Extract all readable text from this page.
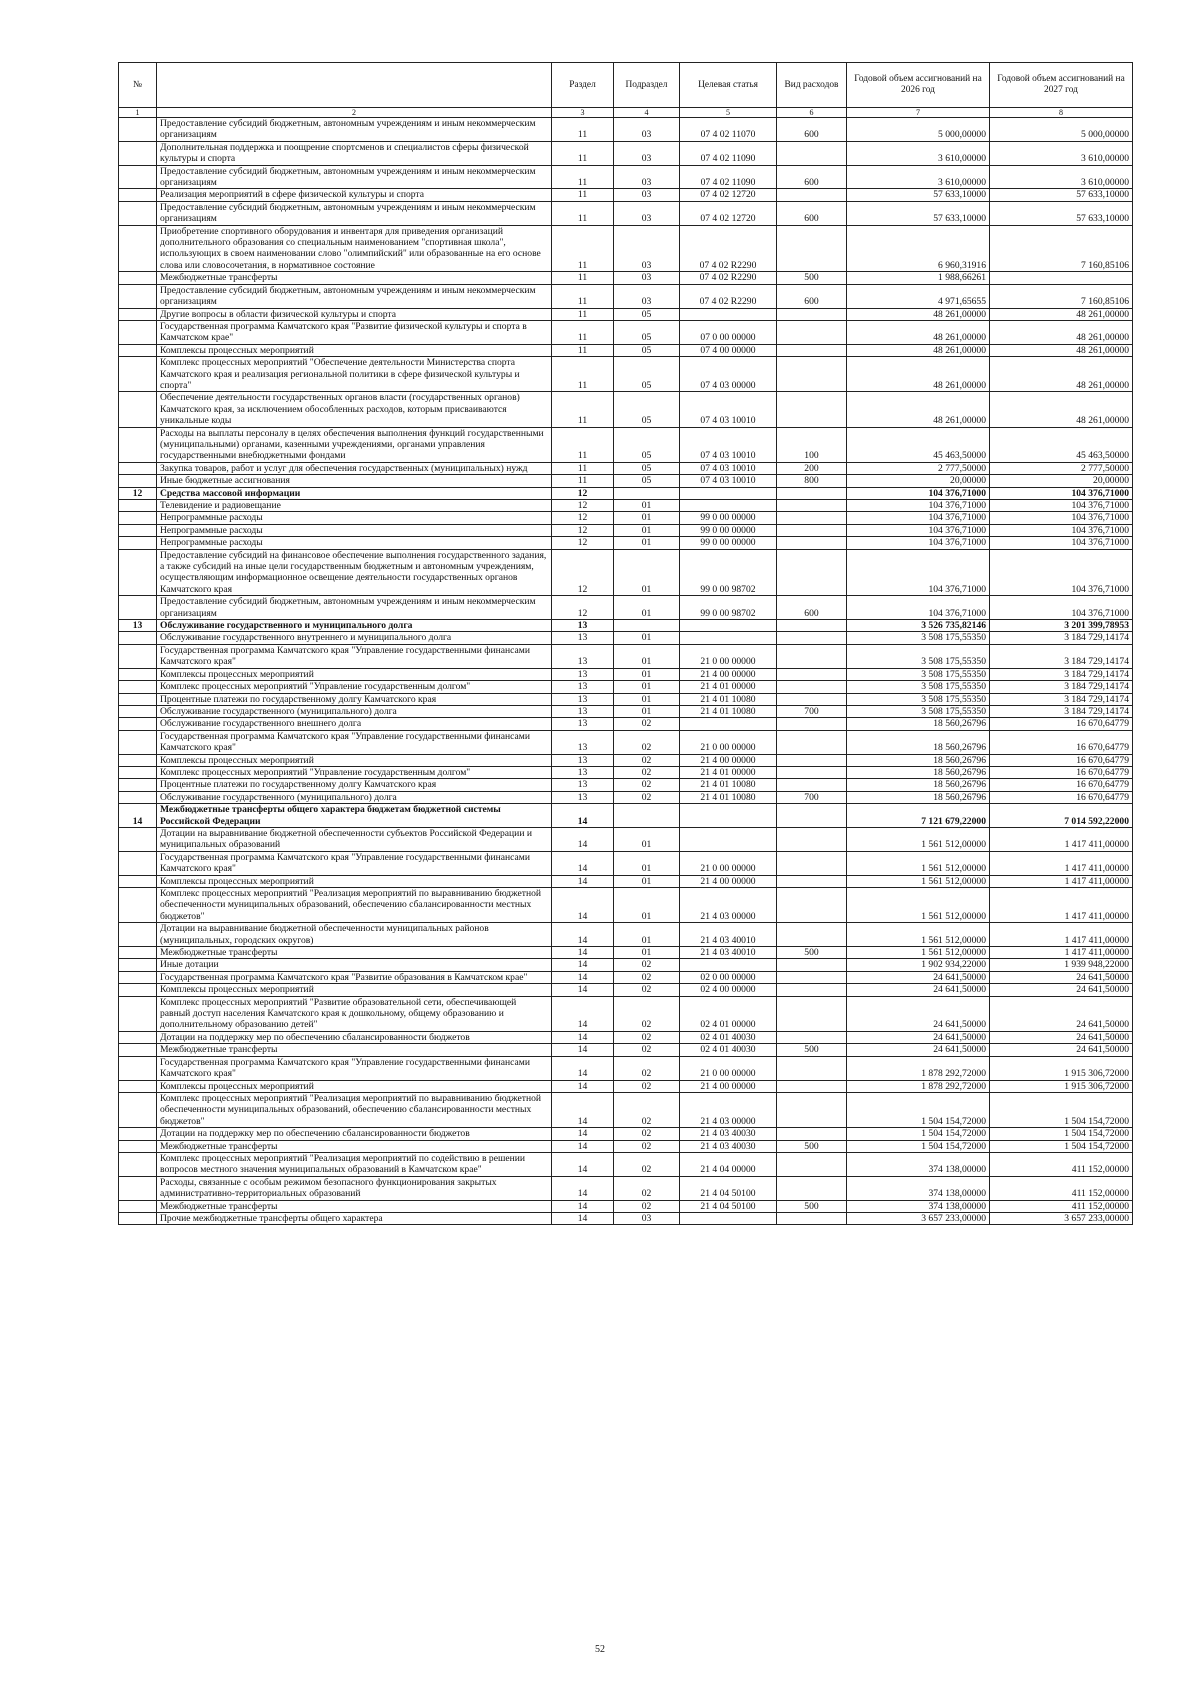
№		Раздел	Подраздел	Целевая статья	Вид расходов	Годовой объем ассигнований на 2026 год	Годовой объем ассигнований на 2027 год
1	2	3	4	5	6	7	8
	Предоставление субсидий бюджетным, автономным учреждениям и иным некоммерческим организациям	11	03	07 4 02 11070	600	5 000,00000	5 000,00000
	Дополнительная поддержка и поощрение спортсменов и специалистов сферы физической культуры и спорта	11	03	07 4 02 11090		3 610,00000	3 610,00000
	Предоставление субсидий бюджетным, автономным учреждениям и иным некоммерческим организациям	11	03	07 4 02 11090	600	3 610,00000	3 610,00000
	Реализация мероприятий в сфере физической культуры и спорта	11	03	07 4 02 12720		57 633,10000	57 633,10000
	Предоставление субсидий бюджетным, автономным учреждениям и иным некоммерческим организациям	11	03	07 4 02 12720	600	57 633,10000	57 633,10000
	Приобретение спортивного оборудования и инвентаря для приведения организаций дополнительного образования со специальным наименованием "спортивная школа", использующих в своем наименовании слово "олимпийский" или образованные на его основе слова или словосочетания, в нормативное состояние	11	03	07 4 02 R2290		6 960,31916	7 160,85106
	Межбюджетные трансферты	11	03	07 4 02 R2290	500	1 988,66261	
	Предоставление субсидий бюджетным, автономным учреждениям и иным некоммерческим организациям	11	03	07 4 02 R2290	600	4 971,65655	7 160,85106
	Другие вопросы в области физической культуры и спорта	11	05			48 261,00000	48 261,00000
	Государственная программа Камчатского края "Развитие физической культуры и спорта в Камчатском крае"	11	05	07 0 00 00000		48 261,00000	48 261,00000
	Комплексы процессных мероприятий	11	05	07 4 00 00000		48 261,00000	48 261,00000
	Комплекс процессных мероприятий "Обеспечение деятельности Министерства спорта Камчатского края и реализация региональной политики в сфере физической культуры и спорта"	11	05	07 4 03 00000		48 261,00000	48 261,00000
	Обеспечение деятельности государственных органов власти (государственных органов) Камчатского края, за исключением обособленных расходов, которым присваиваются уникальные коды	11	05	07 4 03 10010		48 261,00000	48 261,00000
	Расходы на выплаты персоналу в целях обеспечения выполнения функций государственными (муниципальными) органами, казенными учреждениями, органами управления государственными внебюджетными фондами	11	05	07 4 03 10010	100	45 463,50000	45 463,50000
	Закупка товаров, работ и услуг для обеспечения государственных (муниципальных) нужд	11	05	07 4 03 10010	200	2 777,50000	2 777,50000
	Иные бюджетные ассигнования	11	05	07 4 03 10010	800	20,00000	20,00000
12	Средства массовой информации	12				104 376,71000	104 376,71000
	Телевидение и радиовещание	12	01			104 376,71000	104 376,71000
	Непрограммные расходы	12	01	99 0 00 00000		104 376,71000	104 376,71000
	Непрограммные расходы	12	01	99 0 00 00000		104 376,71000	104 376,71000
	Непрограммные расходы	12	01	99 0 00 00000		104 376,71000	104 376,71000
	Предоставление субсидий на финансовое обеспечение выполнения государственного задания, а также субсидий на иные цели государственным бюджетным и автономным учреждениям, осуществляющим информационное освещение деятельности государственных органов Камчатского края	12	01	99 0 00 98702		104 376,71000	104 376,71000
	Предоставление субсидий бюджетным, автономным учреждениям и иным некоммерческим организациям	12	01	99 0 00 98702	600	104 376,71000	104 376,71000
13	Обслуживание государственного и муниципального долга	13				3 526 735,82146	3 201 399,78953
	Обслуживание государственного внутреннего и муниципального долга	13	01			3 508 175,55350	3 184 729,14174
	Государственная программа Камчатского края "Управление государственными финансами Камчатского края"	13	01	21 0 00 00000		3 508 175,55350	3 184 729,14174
	Комплексы процессных мероприятий	13	01	21 4 00 00000		3 508 175,55350	3 184 729,14174
	Комплекс процессных мероприятий "Управление государственным долгом"	13	01	21 4 01 00000		3 508 175,55350	3 184 729,14174
	Процентные платежи по государственному долгу Камчатского края	13	01	21 4 01 10080		3 508 175,55350	3 184 729,14174
	Обслуживание государственного (муниципального) долга	13	01	21 4 01 10080	700	3 508 175,55350	3 184 729,14174
	Обслуживание государственного внешнего долга	13	02			18 560,26796	16 670,64779
	Государственная программа Камчатского края "Управление государственными финансами Камчатского края"	13	02	21 0 00 00000		18 560,26796	16 670,64779
	Комплексы процессных мероприятий	13	02	21 4 00 00000		18 560,26796	16 670,64779
	Комплекс процессных мероприятий "Управление государственным долгом"	13	02	21 4 01 00000		18 560,26796	16 670,64779
	Процентные платежи по государственному долгу Камчатского края	13	02	21 4 01 10080		18 560,26796	16 670,64779
	Обслуживание государственного (муниципального) долга	13	02	21 4 01 10080	700	18 560,26796	16 670,64779
14	Межбюджетные трансферты общего характера бюджетам бюджетной системы Российской Федерации	14				7 121 679,22000	7 014 592,22000
	Дотации на выравнивание бюджетной обеспеченности субъектов Российской Федерации и муниципальных образований	14	01			1 561 512,00000	1 417 411,00000
	Государственная программа Камчатского края "Управление государственными финансами Камчатского края"	14	01	21 0 00 00000		1 561 512,00000	1 417 411,00000
	Комплексы процессных мероприятий	14	01	21 4 00 00000		1 561 512,00000	1 417 411,00000
	Комплекс процессных мероприятий "Реализация мероприятий по выравниванию бюджетной обеспеченности муниципальных образований, обеспечению сбалансированности местных бюджетов"	14	01	21 4 03 00000		1 561 512,00000	1 417 411,00000
	Дотации на выравнивание бюджетной обеспеченности муниципальных районов (муниципальных, городских округов)	14	01	21 4 03 40010		1 561 512,00000	1 417 411,00000
	Межбюджетные трансферты	14	01	21 4 03 40010	500	1 561 512,00000	1 417 411,00000
	Иные дотации	14	02			1 902 934,22000	1 939 948,22000
	Государственная программа Камчатского края "Развитие образования в Камчатском крае"	14	02	02 0 00 00000		24 641,50000	24 641,50000
	Комплексы процессных мероприятий	14	02	02 4 00 00000		24 641,50000	24 641,50000
	Комплекс процессных мероприятий "Развитие образовательной сети, обеспечивающей равный доступ населения Камчатского края к дошкольному, общему образованию и дополнительному образованию детей"	14	02	02 4 01 00000		24 641,50000	24 641,50000
	Дотации на поддержку мер по обеспечению сбалансированности бюджетов	14	02	02 4 01 40030		24 641,50000	24 641,50000
	Межбюджетные трансферты	14	02	02 4 01 40030	500	24 641,50000	24 641,50000
	Государственная программа Камчатского края "Управление государственными финансами Камчатского края"	14	02	21 0 00 00000		1 878 292,72000	1 915 306,72000
	Комплексы процессных мероприятий	14	02	21 4 00 00000		1 878 292,72000	1 915 306,72000
	Комплекс процессных мероприятий "Реализация мероприятий по выравниванию бюджетной обеспеченности муниципальных образований, обеспечению сбалансированности местных бюджетов"	14	02	21 4 03 00000		1 504 154,72000	1 504 154,72000
	Дотации на поддержку мер по обеспечению сбалансированности бюджетов	14	02	21 4 03 40030		1 504 154,72000	1 504 154,72000
	Межбюджетные трансферты	14	02	21 4 03 40030	500	1 504 154,72000	1 504 154,72000
	Комплекс процессных мероприятий "Реализация мероприятий по содействию в решении вопросов местного значения муниципальных образований в Камчатском крае"	14	02	21 4 04 00000		374 138,00000	411 152,00000
	Расходы, связанные с особым режимом безопасного функционирования закрытых административно-территориальных образований	14	02	21 4 04 50100		374 138,00000	411 152,00000
	Межбюджетные трансферты	14	02	21 4 04 50100	500	374 138,00000	411 152,00000
	Прочие межбюджетные трансферты общего характера	14	03			3 657 233,00000	3 657 233,00000
52
